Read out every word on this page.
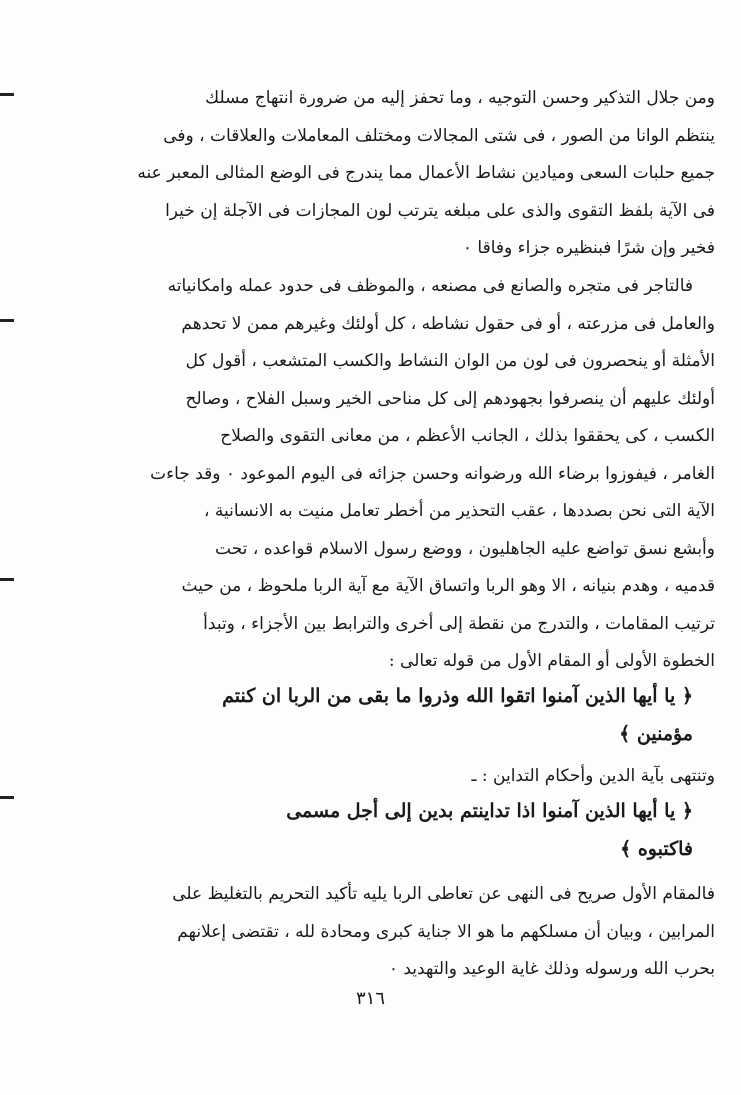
ومن جلال التذكير وحسن التوجيه ، وما تحفز إليه من ضرورة انتهاج مسلك
ينتظم الوانا من الصور ، فى شتى المجالات ومختلف المعاملات والعلاقات ، وفى
جميع حلبات السعى وميادين نشاط الأعمال مما يندرج فى الوضع المثالى المعبر عنه
فى الآية بلفظ التقوى والذى على مبلغه يترتب لون المجازات فى الآجلة إن خيرا
فخير وإن شرًا فبنظيره جزاء وفاقا ٠
فالتاجر فى متجره والصانع فى مصنعه ، والموظف فى حدود عمله وامكانياته
والعامل فى مزرعته ، أو فى حقول نشاطه ، كل أولئك وغيرهم ممن لا تحدهم
الأمثلة أو ينحصرون فى لون من الوان النشاط والكسب المتشعب ، أقول كل
أولئك عليهم أن ينصرفوا بجهودهم إلى كل مناحى الخير وسبل الفلاح ، وصالح
الكسب ، كى يحققوا بذلك ، الجانب الأعظم ، من معانى التقوى والصلاح
الغامر ، فيفوزوا برضاء الله ورضوانه وحسن جزائه فى اليوم الموعود ٠ وقد جاءت
الآية التى نحن بصددها ، عقب التحذير من أخطر تعامل منيت به الانسانية ،
وأبشع نسق تواضع عليه الجاهليون ، ووضع رسول الاسلام قواعده ، تحت
قدميه ، وهدم بنيانه ، الا وهو الربا واتساق الآية مع آية الربا ملحوظ ، من حيث
ترتيب المقامات ، والتدرج من نقطة إلى أخرى والترابط بين الأجزاء ، وتبدأ
الخطوة الأولى أو المقام الأول من قوله تعالى :
﴿ يا أيها الذين آمنوا اتقوا الله وذروا ما بقى من الربا ان كنتم
مؤمنين ﴾
وتنتهى بآية الدين وأحكام التداين : ـ
﴿ يا أيها الذين آمنوا اذا تداينتم بدين إلى أجل مسمى
فاكتبوه ﴾
فالمقام الأول صريح فى النهى عن تعاطى الربا يليه تأكيد التحريم بالتغليظ على
المرابين ، وبيان أن مسلكهم ما هو الا جناية كبرى ومحادة لله ، تقتضى إعلانهم
بحرب الله ورسوله وذلك غاية الوعيد والتهديد ٠
٣١٦
